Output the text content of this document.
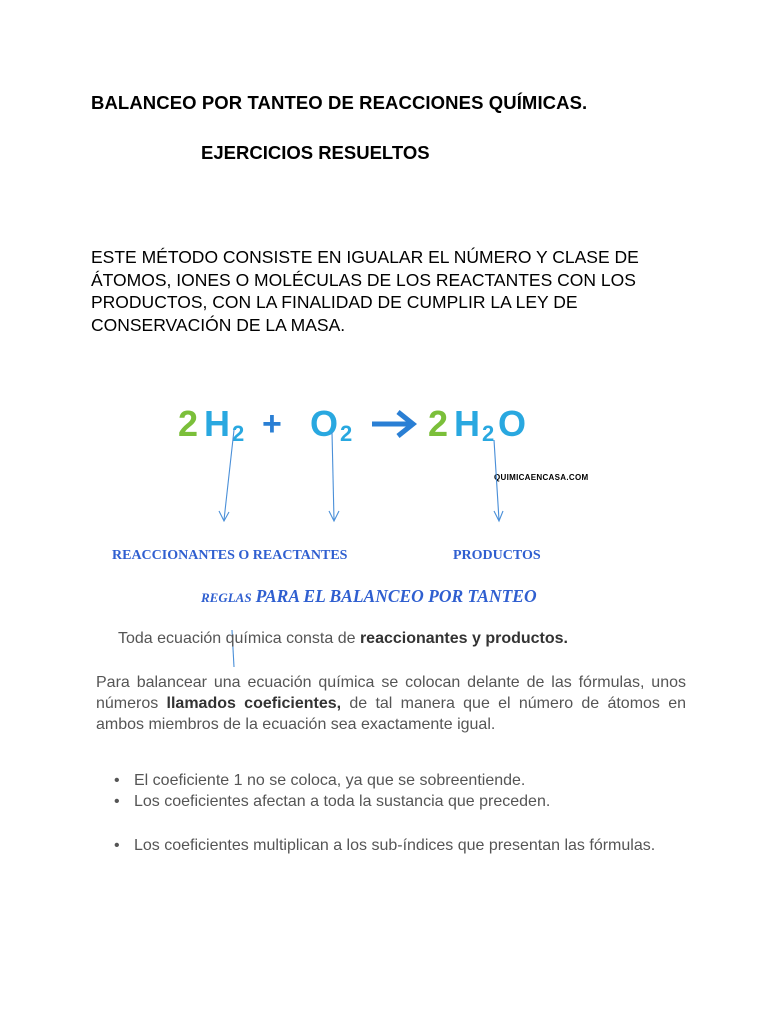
BALANCEO POR TANTEO DE REACCIONES QUÍMICAS.
EJERCICIOS RESUELTOS
ESTE MÉTODO CONSISTE EN IGUALAR EL NÚMERO Y CLASE DE
ÁTOMOS, IONES O MOLÉCULAS DE LOS REACTANTES CON LOS
PRODUCTOS, CON LA FINALIDAD DE CUMPLIR LA LEY DE
CONSERVACIÓN DE LA MASA.
2 H 2 + O 2 2 H 2 O
QUIMICAENCASA.COM
REACCIONANTES O REACTANTES	PRODUCTOS
REGLAS PARA EL BALANCEO POR TANTEO
Toda ecuación química consta de reaccionantes y productos.
Para balancear una ecuación química se colocan delante de las fórmulas, unos números llamados coeficientes, de tal manera que el número de átomos en ambos miembros de la ecuación sea exactamente igual.
• El coeficiente 1 no se coloca, ya que se sobreentiende.
• Los coeficientes afectan a toda la sustancia que preceden.
• Los coeficientes multiplican a los sub-índices que presentan las fórmulas.
